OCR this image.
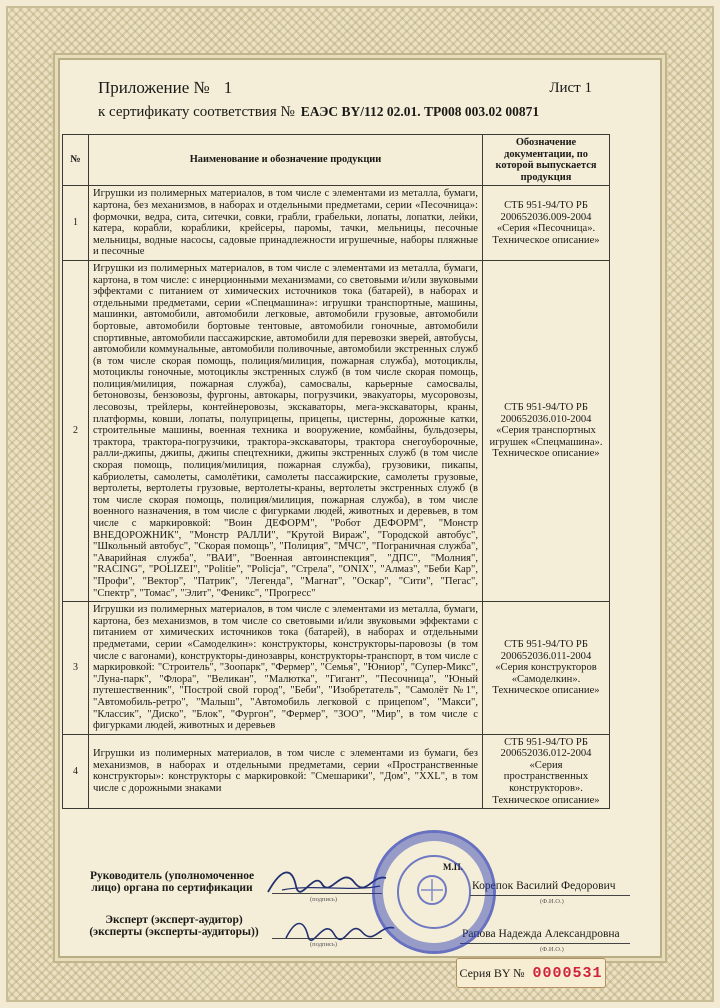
Приложение № 1	Лист 1
к сертификату соответствия № ЕАЭС BY/112 02.01. ТР008 003.02 00871
№	Наименование и обозначение продукции	Обозначение документации, по которой выпускается продукция
1	Игрушки из полимерных материалов, в том числе с элементами из металла, бумаги, картона, без механизмов, в наборах и отдельными предметами, серии «Песочница»: формочки, ведра, сита, ситечки, совки, грабли, грабельки, лопаты, лопатки, лейки, катера, корабли, кораблики, крейсеры, паромы, тачки, мельницы, песочные мельницы, водные насосы, садовые принадлежности игрушечные, наборы пляжные и песочные	СТБ 951-94/ТО РБ 200652036.009-2004 «Серия «Песочница». Техническое описание»
2	Игрушки из полимерных материалов, в том числе с элементами из металла, бумаги, картона, в том числе: с инерционными механизмами, со световыми и/или звуковыми эффектами с питанием от химических источников тока (батарей), в наборах и отдельными предметами, серии «Спецмашина»: игрушки транспортные, машины, машинки, автомобили, автомобили легковые, автомобили грузовые, автомобили бортовые, автомобили бортовые тентовые, автомобили гоночные, автомобили спортивные, автомобили пассажирские, автомобили для перевозки зверей, автобусы, автомобили коммунальные, автомобили поливочные, автомобили экстренных служб (в том числе скорая помощь, полиция/милиция, пожарная служба), мотоциклы, мотоциклы гоночные, мотоциклы экстренных служб (в том числе скорая помощь, полиция/милиция, пожарная служба), самосвалы, карьерные самосвалы, бетоновозы, бензовозы, фургоны, автокары, погрузчики, эвакуаторы, мусоровозы, лесовозы, трейлеры, контейнеровозы, экскаваторы, мега-экскаваторы, краны, платформы, ковши, лопаты, полуприцепы, прицепы, цистерны, дорожные катки, строительные машины, военная техника и вооружение, комбайны, бульдозеры, трактора, трактора-погрузчики, трактора-экскаваторы, трактора снегоуборочные, ралли-джипы, джипы, джипы спецтехники, джипы экстренных служб (в том числе скорая помощь, полиция/милиция, пожарная служба), грузовики, пикапы, кабриолеты, самолеты, самолётики, самолеты пассажирские, самолеты грузовые, вертолеты, вертолеты грузовые, вертолеты-краны, вертолеты экстренных служб (в том числе скорая помощь, полиция/милиция, пожарная служба), в том числе военного назначения, в том числе с фигурками людей, животных и деревьев, в том числе с маркировкой: "Воин ДЕФОРМ", "Робот ДЕФОРМ", "Монстр ВНЕДОРОЖНИК", "Монстр РАЛЛИ", "Крутой Вираж", "Городской автобус", "Школьный автобус", "Скорая помощь", "Полиция", "МЧС", "Пограничная служба", "Аварийная служба", "ВАИ", "Военная автоинспекция", "ДПС", "Молния", "RACING", "POLIZEI", "Politie", "Policja", "Стрела", "ONIX", "Алмаз", "Беби Кар", "Профи", "Вектор", "Патрик", "Легенда", "Магнат", "Оскар", "Сити", "Пегас", "Спектр", "Томас", "Элит", "Феникс", "Прогресс"	СТБ 951-94/ТО РБ 200652036.010-2004 «Серия транспортных игрушек «Спецмашина». Техническое описание»
3	Игрушки из полимерных материалов, в том числе с элементами из металла, бумаги, картона, без механизмов, в том числе со световыми и/или звуковыми эффектами с питанием от химических источников тока (батарей), в наборах и отдельными предметами, серии «Самоделкин»: конструкторы, конструкторы-паровозы (в том числе с вагонами), конструкторы-динозавры, конструкторы-транспорт, в том числе с маркировкой: "Строитель", "Зоопарк", "Фермер", "Семья", "Юниор", "Супер-Микс", "Луна-парк", "Флора", "Великан", "Малютка", "Гигант", "Песочница", "Юный путешественник", "Построй свой город", "Беби", "Изобретатель", "Самолёт №1", "Автомобиль-ретро", "Малыш", "Автомобиль легковой с прицепом", "Макси", "Классик", "Диско", "Блок", "Фургон", "Фермер", "ЗОО", "Мир", в том числе с фигурками людей, животных и деревьев	СТБ 951-94/ТО РБ 200652036.011-2004 «Серия конструкторов «Самоделкин». Техническое описание»
4	Игрушки из полимерных материалов, в том числе с элементами из бумаги, без механизмов, в наборах и отдельными предметами, серии «Пространственные конструкторы»: конструкторы с маркировкой: "Смешарики", "Дом", "XXL", в том числе с дорожными знаками	СТБ 951-94/ТО РБ 200652036.012-2004 «Серия пространственных конструкторов». Техническое описание»
Руководитель (уполномоченное лицо) органа по сертификации
(подпись)
М.П.
Корепок Василий Федорович
(Ф.И.О.)
Эксперт (эксперт-аудитор) (эксперты (эксперты-аудиторы))
(подпись)
Рапова Надежда Александровна
(Ф.И.О.)
Серия BY № 0000531
